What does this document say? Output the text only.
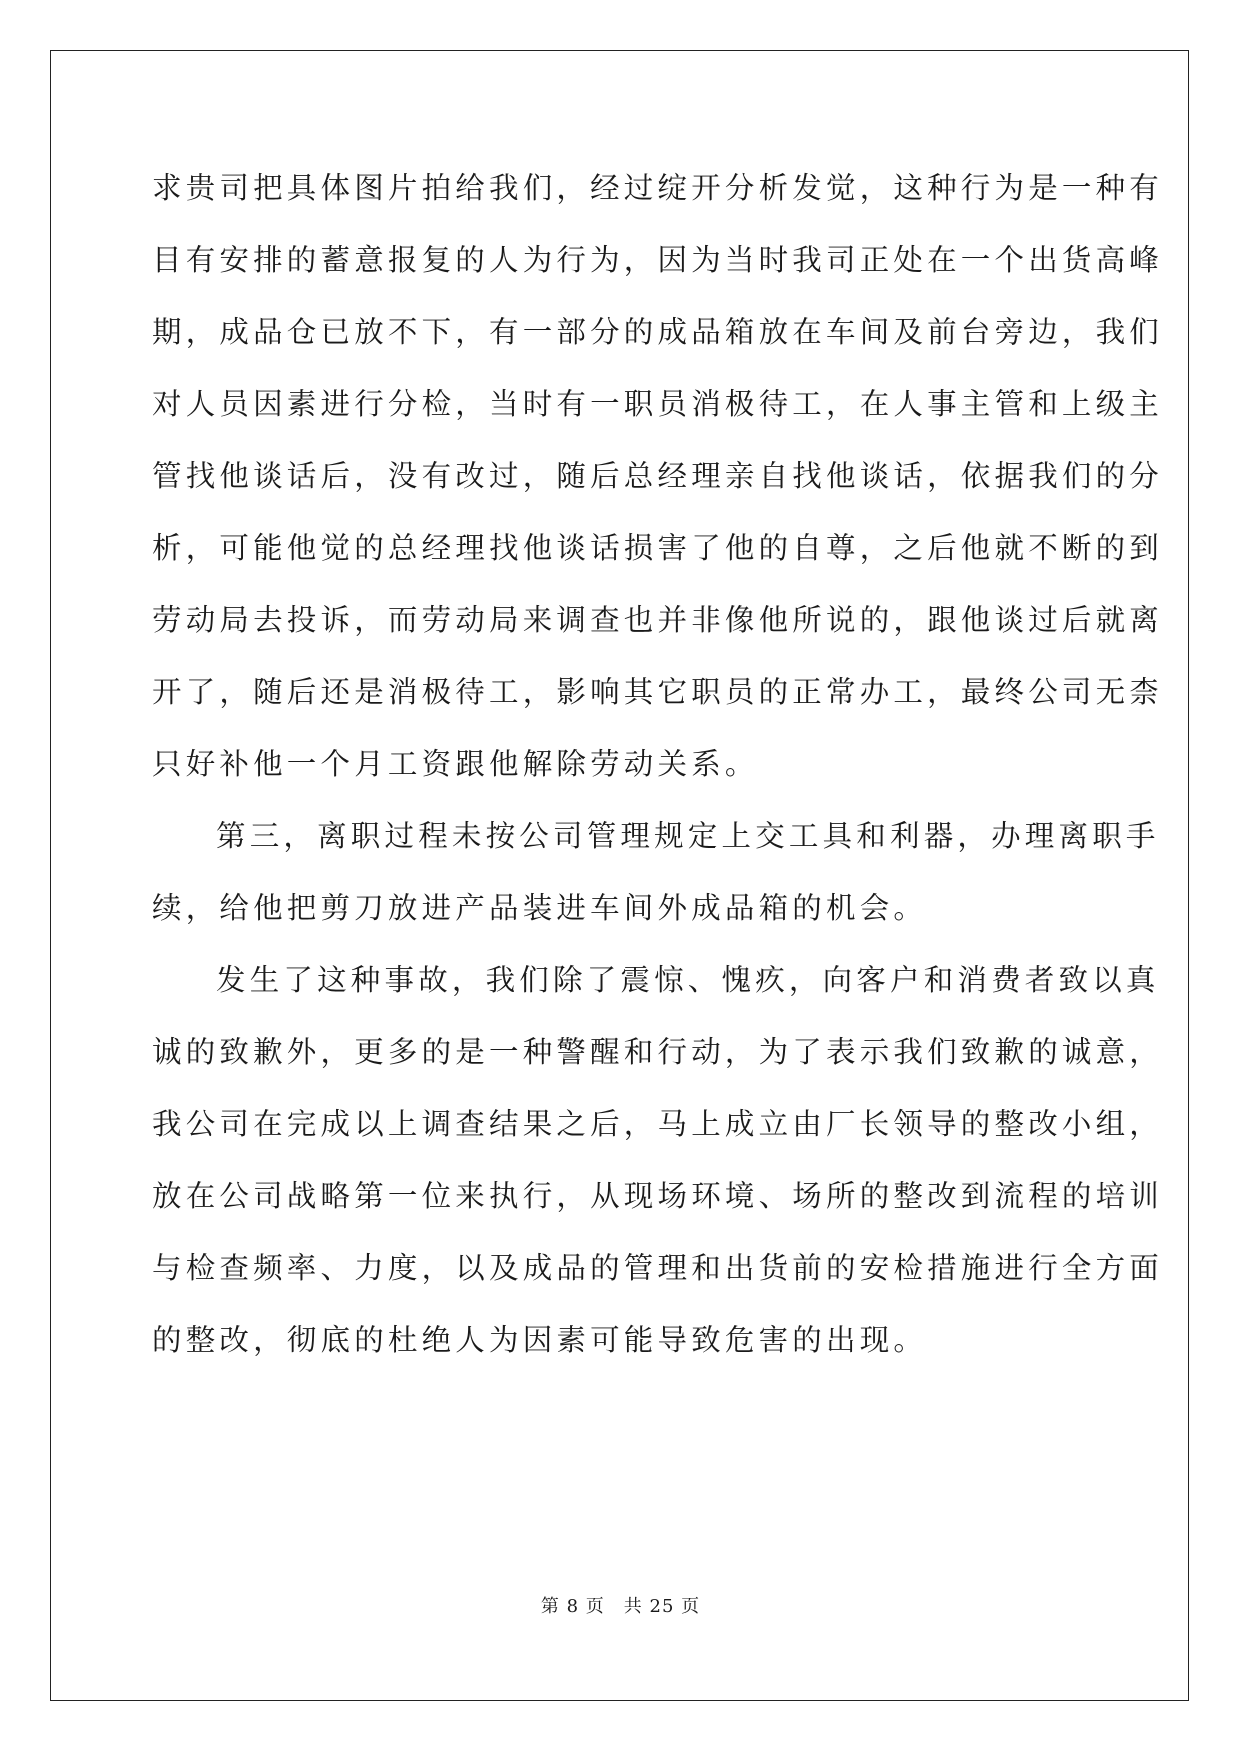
求贵司把具体图片拍给我们，经过绽开分析发觉，这种行为是一种有
目有安排的蓄意报复的人为行为，因为当时我司正处在一个出货高峰
期，成品仓已放不下，有一部分的成品箱放在车间及前台旁边，我们
对人员因素进行分检，当时有一职员消极待工，在人事主管和上级主
管找他谈话后，没有改过，随后总经理亲自找他谈话，依据我们的分
析，可能他觉的总经理找他谈话损害了他的自尊，之后他就不断的到
劳动局去投诉，而劳动局来调查也并非像他所说的，跟他谈过后就离
开了，随后还是消极待工，影响其它职员的正常办工，最终公司无柰
只好补他一个月工资跟他解除劳动关系。
第三，离职过程未按公司管理规定上交工具和利器，办理离职手
续，给他把剪刀放进产品装进车间外成品箱的机会。
发生了这种事故，我们除了震惊、愧疚，向客户和消费者致以真
诚的致歉外，更多的是一种警醒和行动，为了表示我们致歉的诚意，
我公司在完成以上调查结果之后，马上成立由厂长领导的整改小组，
放在公司战略第一位来执行，从现场环境、场所的整改到流程的培训
与检查频率、力度，以及成品的管理和出货前的安检措施进行全方面
的整改，彻底的杜绝人为因素可能导致危害的出现。
第 8 页　共 25 页
